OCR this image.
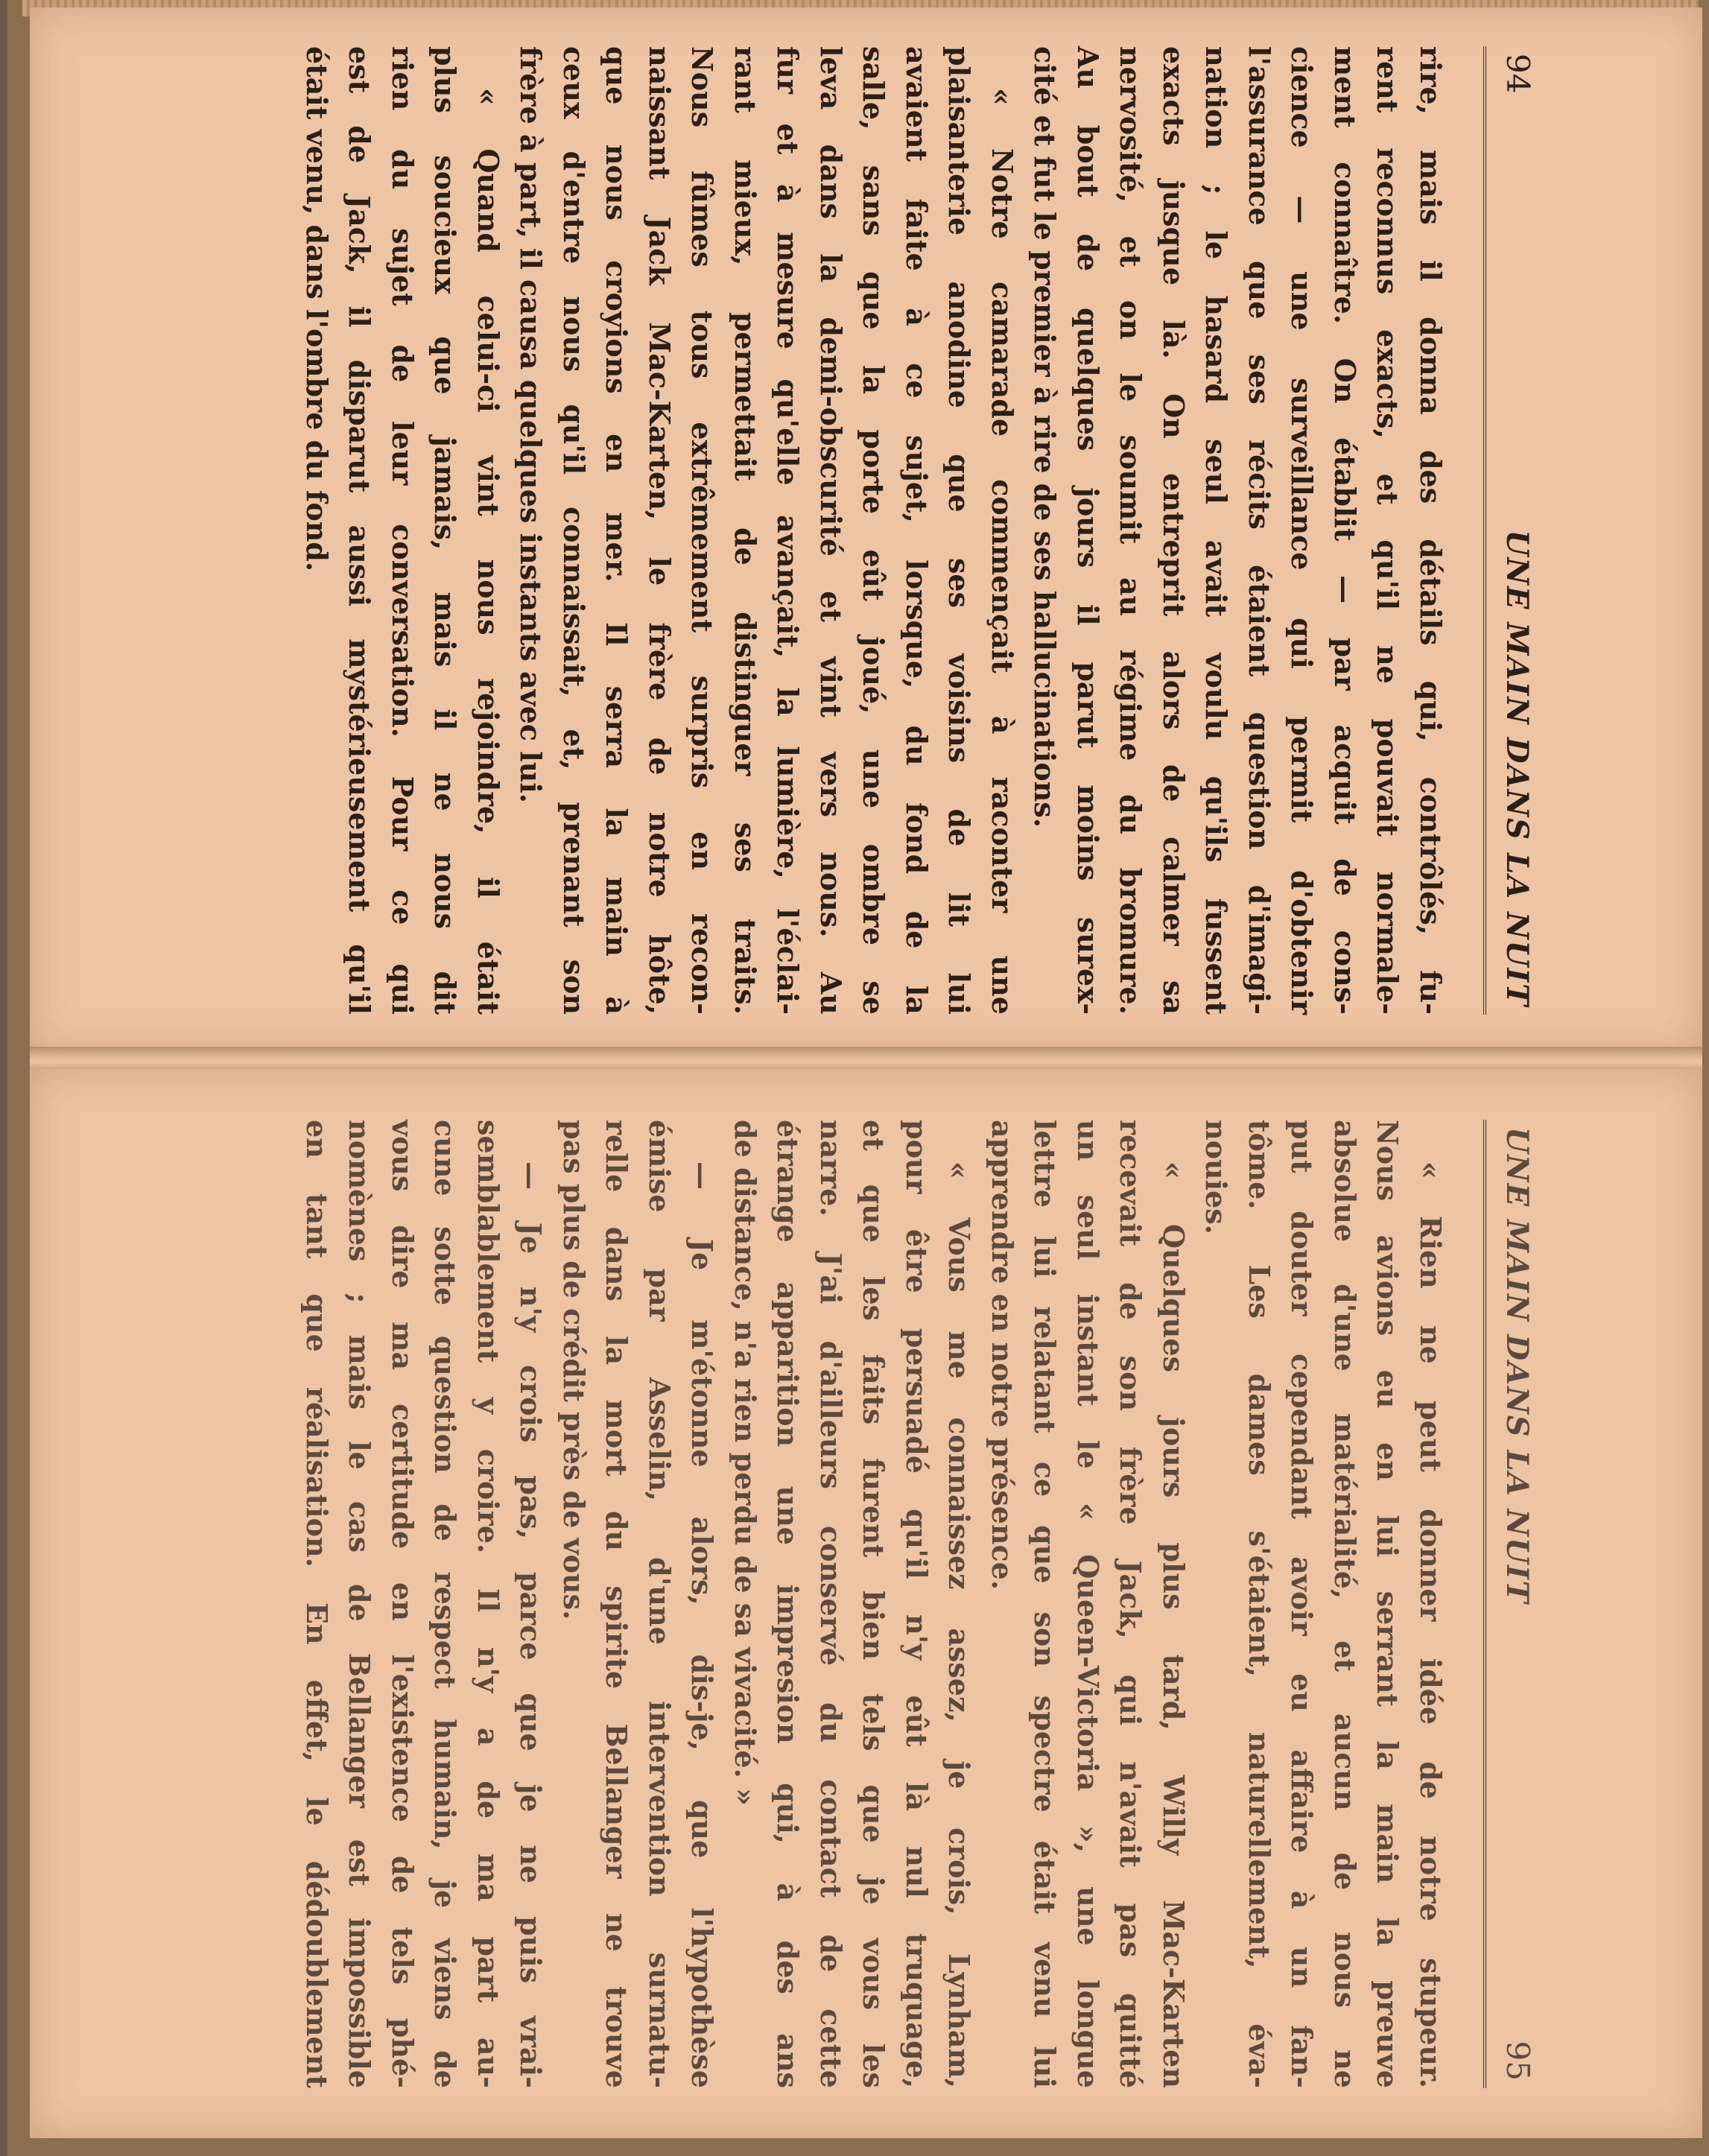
94
UNE MAIN DANS LA NUIT
rire,
mais
il
donna
des
détails
qui,
contrôlés,
fu-
rent
reconnus
exacts,
et
qu'il
ne
pouvait
normale-
ment
connaître.
On
établit
—
par
acquit
de
cons-
cience
—
une
surveillance
qui
permit
d'obtenir
l'assurance
que
ses
récits
étaient
question
d'imagi-
nation
;
le
hasard
seul
avait
voulu
qu'ils
fussent
exacts
jusque
là.
On
entreprit
alors
de
calmer
sa
nervosité,
et
on
le
soumit
au
régime
du
bromure.
Au
bout
de
quelques
jours
il
parut
moins
surex-
cité et fut le premier à rire de ses hallucinations.
«
Notre
camarade
commençait
à
raconter
une
plaisanterie
anodine
que
ses
voisins
de
lit
lui
avaient
faite
à
ce
sujet,
lorsque,
du
fond
de
la
salle,
sans
que
la
porte
eût
joué,
une
ombre
se
leva
dans
la
demi-obscurité
et
vint
vers
nous.
Au
fur
et
à
mesure
qu'elle
avançait,
la
lumière,
l'éclai-
rant
mieux,
permettait
de
distinguer
ses
traits.
Nous
fûmes
tous
extrêmement
surpris
en
recon-
naissant
Jack
Mac-Karten,
le
frère
de
notre
hôte,
que
nous
croyions
en
mer.
Il
serra
la
main
à
ceux
d'entre
nous
qu'il
connaissait,
et,
prenant
son
frère à part, il causa quelques instants avec lui.
«
Quand
celui-ci
vint
nous
rejoindre,
il
était
plus
soucieux
que
jamais,
mais
il
ne
nous
dit
rien
du
sujet
de
leur
conversation.
Pour
ce
qui
est
de
Jack,
il
disparut
aussi
mystérieusement
qu'il
était venu, dans l'ombre du fond.
UNE MAIN DANS LA NUIT
95
«
Rien
ne
peut
donner
idée
de
notre
stupeur.
Nous
avions
eu
en
lui
serrant
la
main
la
preuve
absolue
d'une
matérialité,
et
aucun
de
nous
ne
put
douter
cependant
avoir
eu
affaire
à
un
fan-
tôme.
Les
dames
s'étaient,
naturellement,
éva-
nouies.
«
Quelques
jours
plus
tard,
Willy
Mac-Karten
recevait
de
son
frère
Jack,
qui
n'avait
pas
quitté
un
seul
instant
le
«
Queen-Victoria
»,
une
longue
lettre
lui
relatant
ce
que
son
spectre
était
venu
lui
apprendre en notre présence.
«
Vous
me
connaissez
assez,
je
crois,
Lynham,
pour
être
persuadé
qu'il
n'y
eût
là
nul
truquage,
et
que
les
faits
furent
bien
tels
que
je
vous
les
narre.
J'ai
d'ailleurs
conservé
du
contact
de
cette
étrange
apparition
une
impresion
qui,
à
des
ans
de distance, n'a rien perdu de sa vivacité. »
—
Je
m'étonne
alors,
dis-je,
que
l'hypothèse
émise
par
Asselin,
d'une
intervention
surnatu-
relle
dans
la
mort
du
spirite
Bellanger
ne
trouve
pas plus de crédit près de vous.
—
Je
n'y
crois
pas,
parce
que
je
ne
puis
vrai-
semblablement
y
croire.
Il
n'y
a
de
ma
part
au-
cune
sotte
question
de
respect
humain,
je
viens
de
vous
dire
ma
certitude
en
l'existence
de
tels
phé-
nomènes
;
mais
le
cas
de
Bellanger
est
impossible
en
tant
que
réalisation.
En
effet,
le
dédoublement
